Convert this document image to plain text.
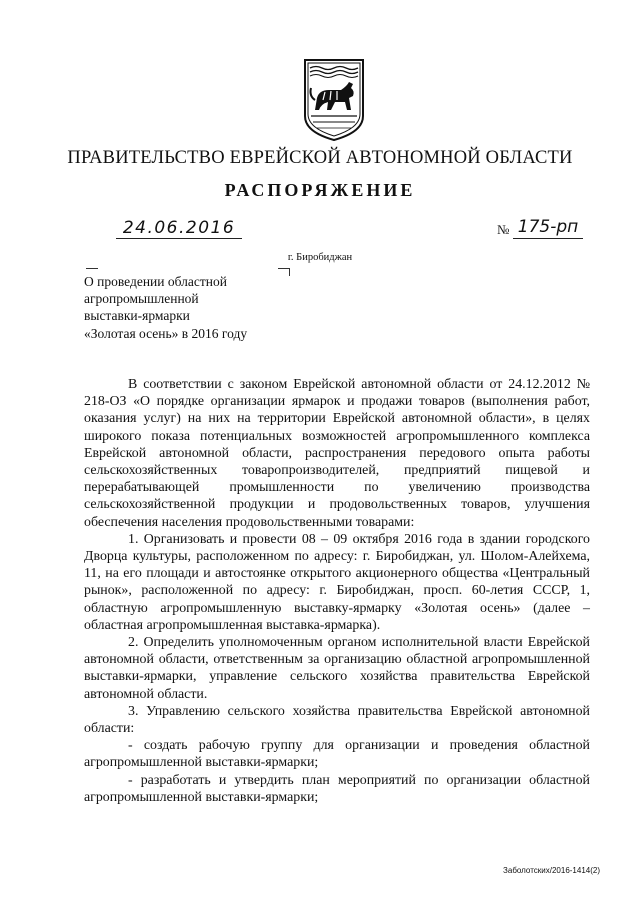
ПРАВИТЕЛЬСТВО ЕВРЕЙСКОЙ АВТОНОМНОЙ ОБЛАСТИ
РАСПОРЯЖЕНИЕ
24.06.2016	№ 175-рп
г. Биробиджан
О проведении областной
агропромышленной
выставки-ярмарки
«Золотая осень» в 2016 году

В соответствии с законом Еврейской автономной области от 24.12.2012 № 218-ОЗ «О порядке организации ярмарок и продажи товаров (выполнения работ, оказания услуг) на них на территории Еврейской автономной области», в целях широкого показа потенциальных возможностей агропромышленного комплекса Еврейской автономной области, распространения передового опыта работы сельскохозяйственных товаропроизводителей, предприятий пищевой и перерабатывающей промышленности по увеличению производства сельскохозяйственной продукции и продовольственных товаров, улучшения обеспечения населения продовольственными товарами:

1. Организовать и провести 08 – 09 октября 2016 года в здании городского Дворца культуры, расположенном по адресу: г. Биробиджан, ул. Шолом-Алейхема, 11, на его площади и автостоянке открытого акционерного общества «Центральный рынок», расположенной по адресу: г. Биробиджан, просп. 60-летия СССР, 1, областную агропромышленную выставку-ярмарку «Золотая осень» (далее – областная агропромышленная выставка-ярмарка).

2. Определить уполномоченным органом исполнительной власти Еврейской автономной области, ответственным за организацию областной агропромышленной выставки-ярмарки, управление сельского хозяйства правительства Еврейской автономной области.

3. Управлению сельского хозяйства правительства Еврейской автономной области:

- создать рабочую группу для организации и проведения областной агропромышленной выставки-ярмарки;

- разработать и утвердить план мероприятий по организации областной агропромышленной выставки-ярмарки;

Заболотских/2016-1414(2)
